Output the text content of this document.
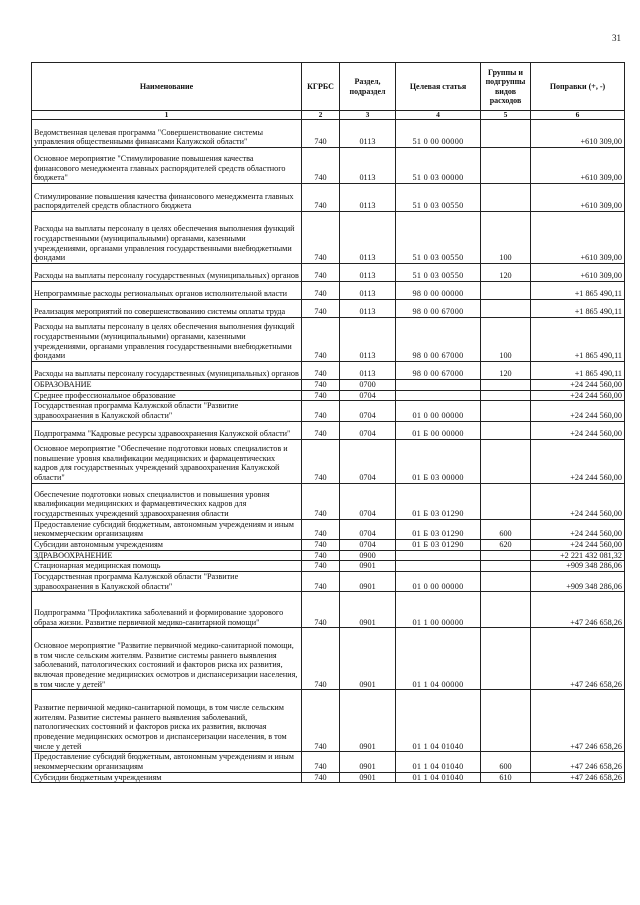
31
Наименование	КГРБС	Раздел, подраздел	Целевая статья	Группы и подгруппы видов расходов	Поправки (+, -)
1	2	3	4	5	6
Ведомственная целевая программа "Совершенствование системы управления общественными финансами Калужской области"	740	0113	51 0 00 00000		+610 309,00
Основное мероприятие "Стимулирование повышения качества финансового менеджмента главных распорядителей средств областного бюджета"	740	0113	51 0 03 00000		+610 309,00
Стимулирование повышения качества финансового менеджмента главных распорядителей средств областного бюджета	740	0113	51 0 03 00550		+610 309,00
Расходы на выплаты персоналу в целях обеспечения выполнения функций государственными (муниципальными) органами, казенными учреждениями, органами управления государственными внебюджетными фондами	740	0113	51 0 03 00550	100	+610 309,00
Расходы на выплаты персоналу государственных (муниципальных) органов	740	0113	51 0 03 00550	120	+610 309,00
Непрограммные расходы региональных органов исполнительной власти	740	0113	98 0 00 00000		+1 865 490,11
Реализация мероприятий по совершенствованию системы оплаты труда	740	0113	98 0 00 67000		+1 865 490,11
Расходы на выплаты персоналу в целях обеспечения выполнения функций государственными (муниципальными) органами, казенными учреждениями, органами управления государственными внебюджетными фондами	740	0113	98 0 00 67000	100	+1 865 490,11
Расходы на выплаты персоналу государственных (муниципальных) органов	740	0113	98 0 00 67000	120	+1 865 490,11
ОБРАЗОВАНИЕ	740	0700			+24 244 560,00
Среднее профессиональное образование	740	0704			+24 244 560,00
Государственная программа Калужской области "Развитие здравоохранения в Калужской области"	740	0704	01 0 00 00000		+24 244 560,00
Подпрограмма "Кадровые ресурсы здравоохранения Калужской области"	740	0704	01 Б 00 00000		+24 244 560,00
Основное мероприятие "Обеспечение подготовки новых специалистов и повышение уровня квалификации медицинских и фармацевтических кадров для государственных учреждений здравоохранения Калужской области"	740	0704	01 Б 03 00000		+24 244 560,00
Обеспечение подготовки новых специалистов и повышения уровня квалификации медицинских и фармацевтических кадров для государственных учреждений здравоохранения области	740	0704	01 Б 03 01290		+24 244 560,00
Предоставление субсидий бюджетным, автономным учреждениям и иным некоммерческим организациям	740	0704	01 Б 03 01290	600	+24 244 560,00
Субсидии автономным учреждениям	740	0704	01 Б 03 01290	620	+24 244 560,00
ЗДРАВООХРАНЕНИЕ	740	0900			+2 221 432 081,32
Стационарная медицинская помощь	740	0901			+909 348 286,06
Государственная программа Калужской области "Развитие здравоохранения в Калужской области"	740	0901	01 0 00 00000		+909 348 286,06
Подпрограмма "Профилактика заболеваний и формирование здорового образа жизни. Развитие первичной медико-санитарной помощи"	740	0901	01 1 00 00000		+47 246 658,26
Основное мероприятие "Развитие первичной медико-санитарной помощи, в том числе сельским жителям. Развитие системы раннего выявления заболеваний, патологических состояний и факторов риска их развития, включая проведение медицинских осмотров и диспансеризации населения, в том числе у детей"	740	0901	01 1 04 00000		+47 246 658,26
Развитие первичной медико-санитарной помощи, в том числе сельским жителям. Развитие системы раннего выявления заболеваний, патологических состояний и факторов риска их развития, включая проведение медицинских осмотров и диспансеризации населения, в том числе у детей	740	0901	01 1 04 01040		+47 246 658,26
Предоставление субсидий бюджетным, автономным учреждениям и иным некоммерческим организациям	740	0901	01 1 04 01040	600	+47 246 658,26
Субсидии бюджетным учреждениям	740	0901	01 1 04 01040	610	+47 246 658,26
